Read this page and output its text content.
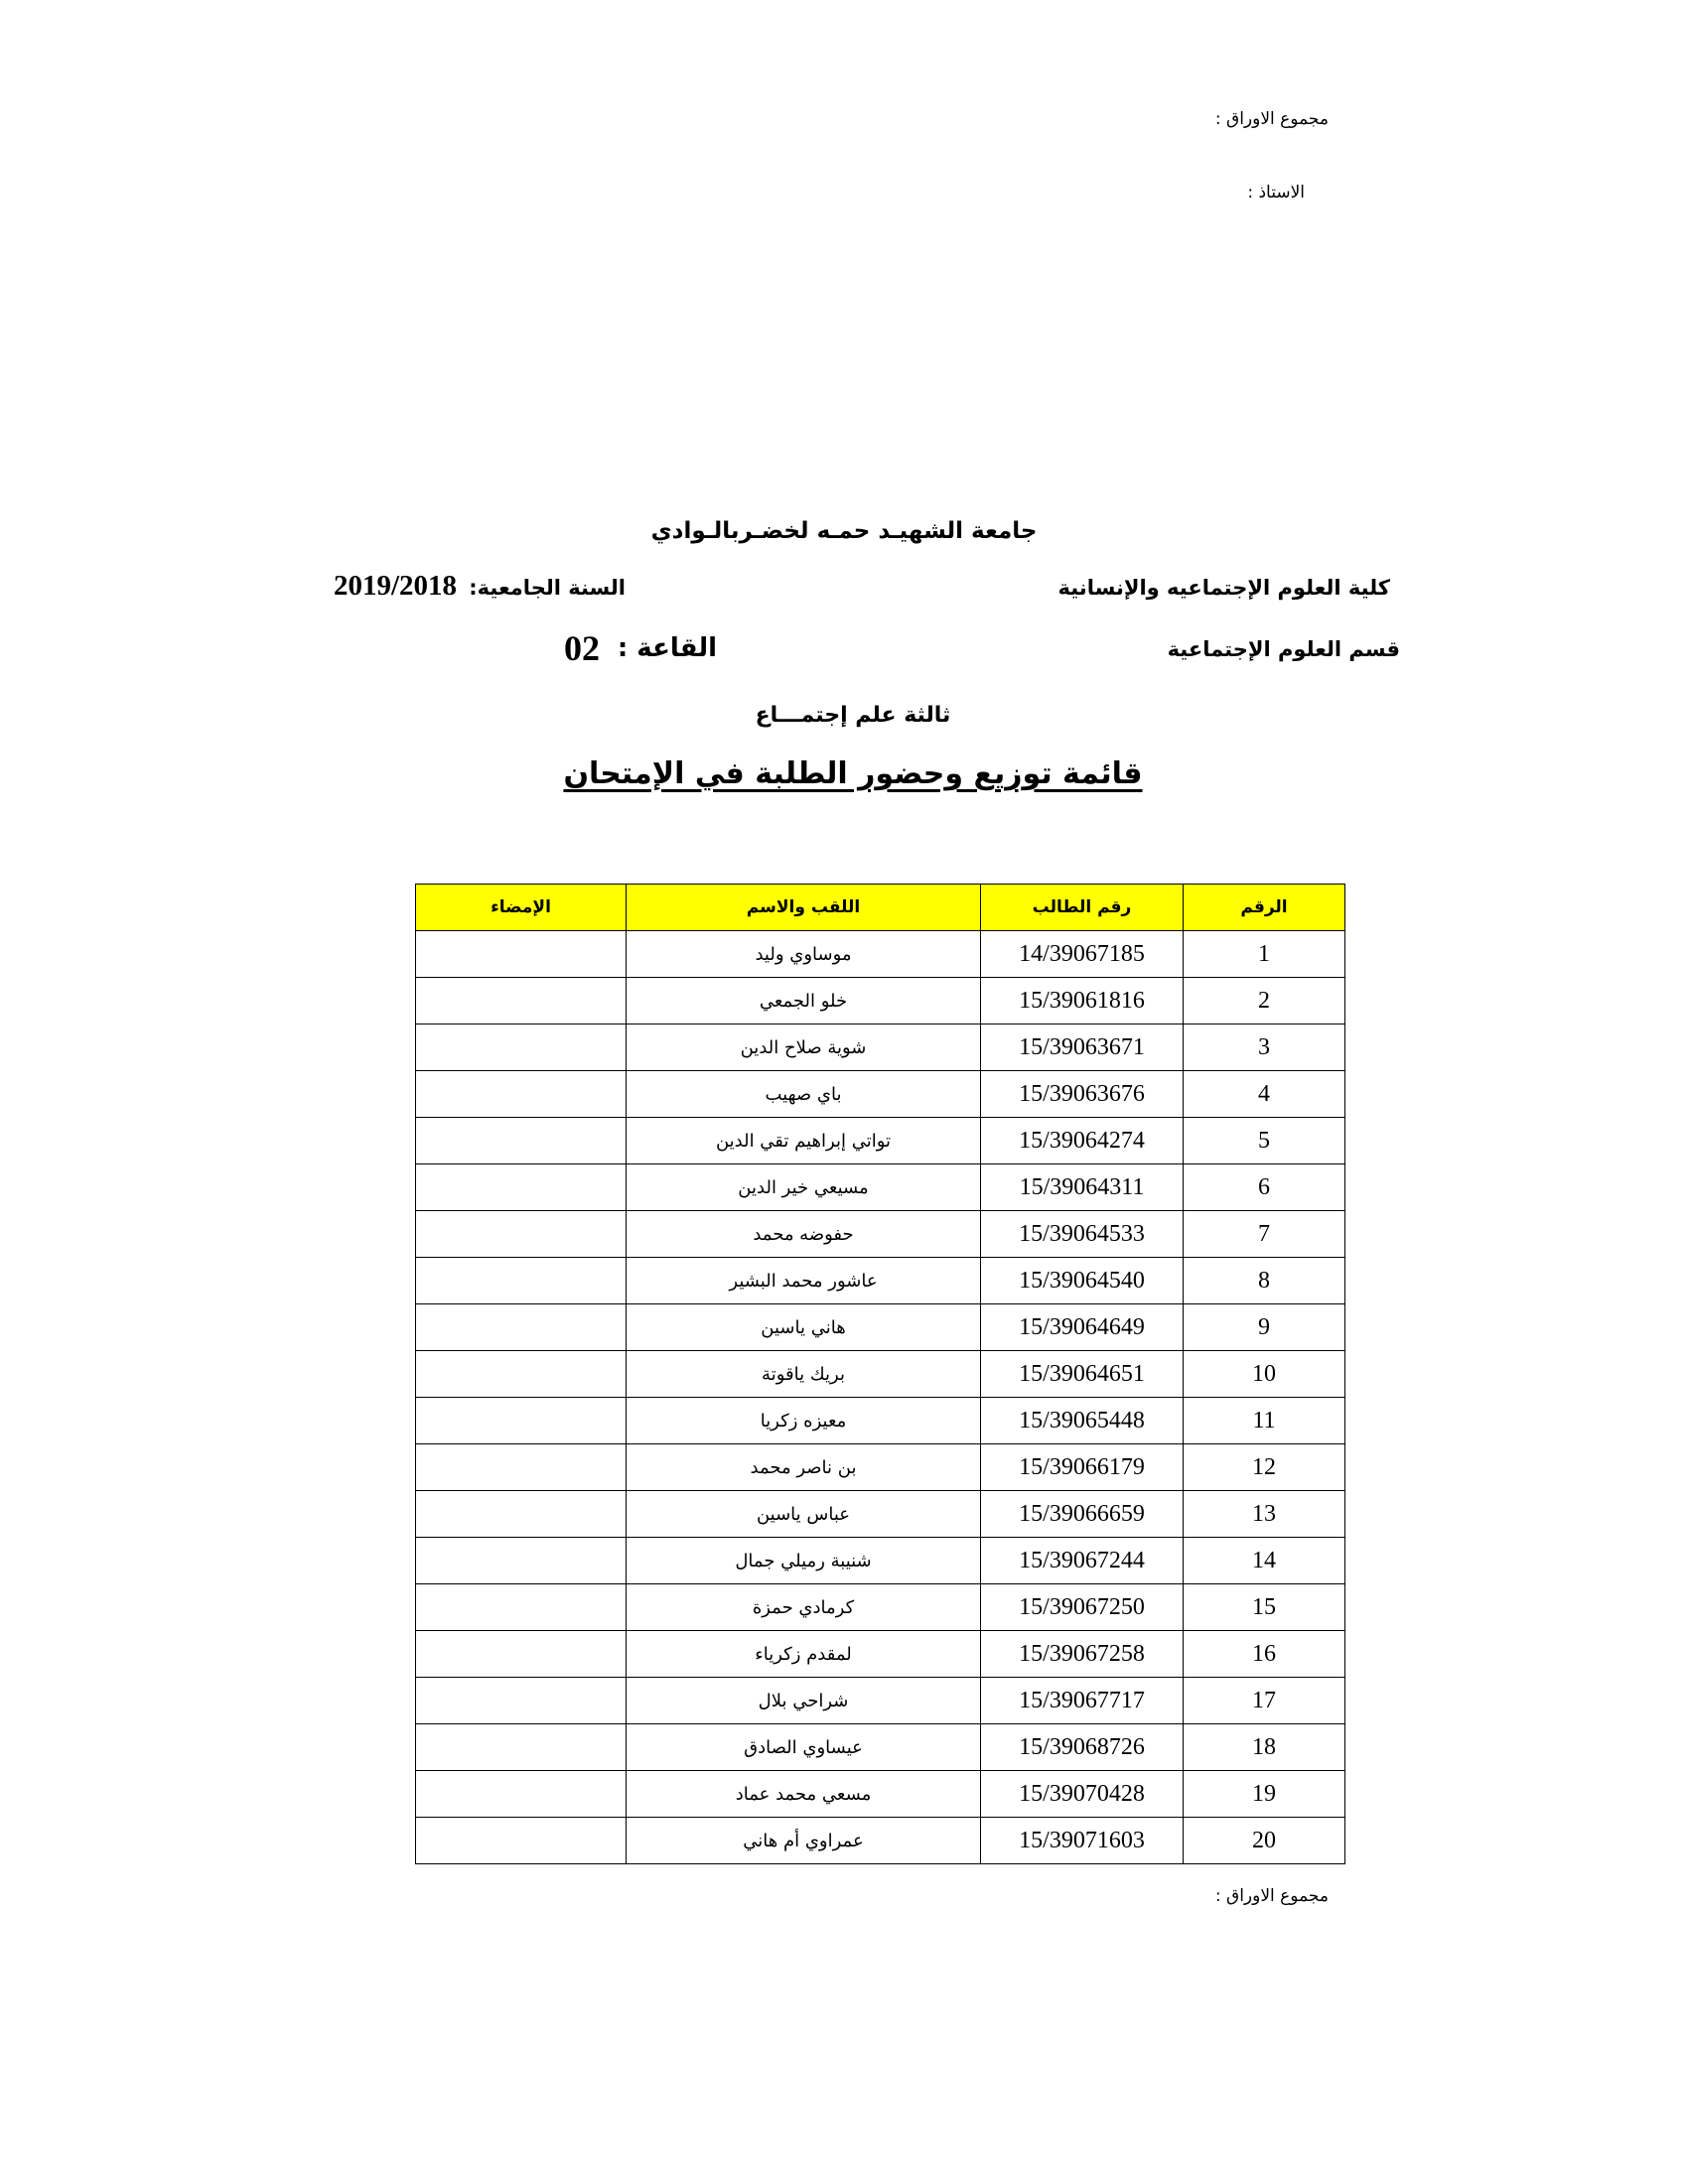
مجموع الاوراق :
الاستاذ :
جامعة الشهيـد حمـه لخضـربالـوادي
كلية العلوم الإجتماعيه والإنسانية
السنة الجامعية:
2019/2018
قسم العلوم الإجتماعية
القاعة :
02
ثالثة علم إجتمـــاع
قائمة توزيع وحضور الطلبة في الإمتحان
الرقم	رقم الطالب	اللقب والاسم	الإمضاء
1	14/39067185	موساوي وليد	
2	15/39061816	خلو الجمعي	
3	15/39063671	شوية صلاح الدين	
4	15/39063676	باي صهيب	
5	15/39064274	تواتي إبراهيم تقي الدين	
6	15/39064311	مسيعي خير الدين	
7	15/39064533	حفوضه محمد	
8	15/39064540	عاشور محمد البشير	
9	15/39064649	هاني ياسين	
10	15/39064651	بريك ياقوتة	
11	15/39065448	معيزه زكريا	
12	15/39066179	بن ناصر محمد	
13	15/39066659	عباس ياسين	
14	15/39067244	شنيبة رميلي جمال	
15	15/39067250	كرمادي حمزة	
16	15/39067258	لمقدم زكرياء	
17	15/39067717	شراحي بلال	
18	15/39068726	عيساوي الصادق	
19	15/39070428	مسعي محمد عماد	
20	15/39071603	عمراوي أم هاني	
مجموع الاوراق :
